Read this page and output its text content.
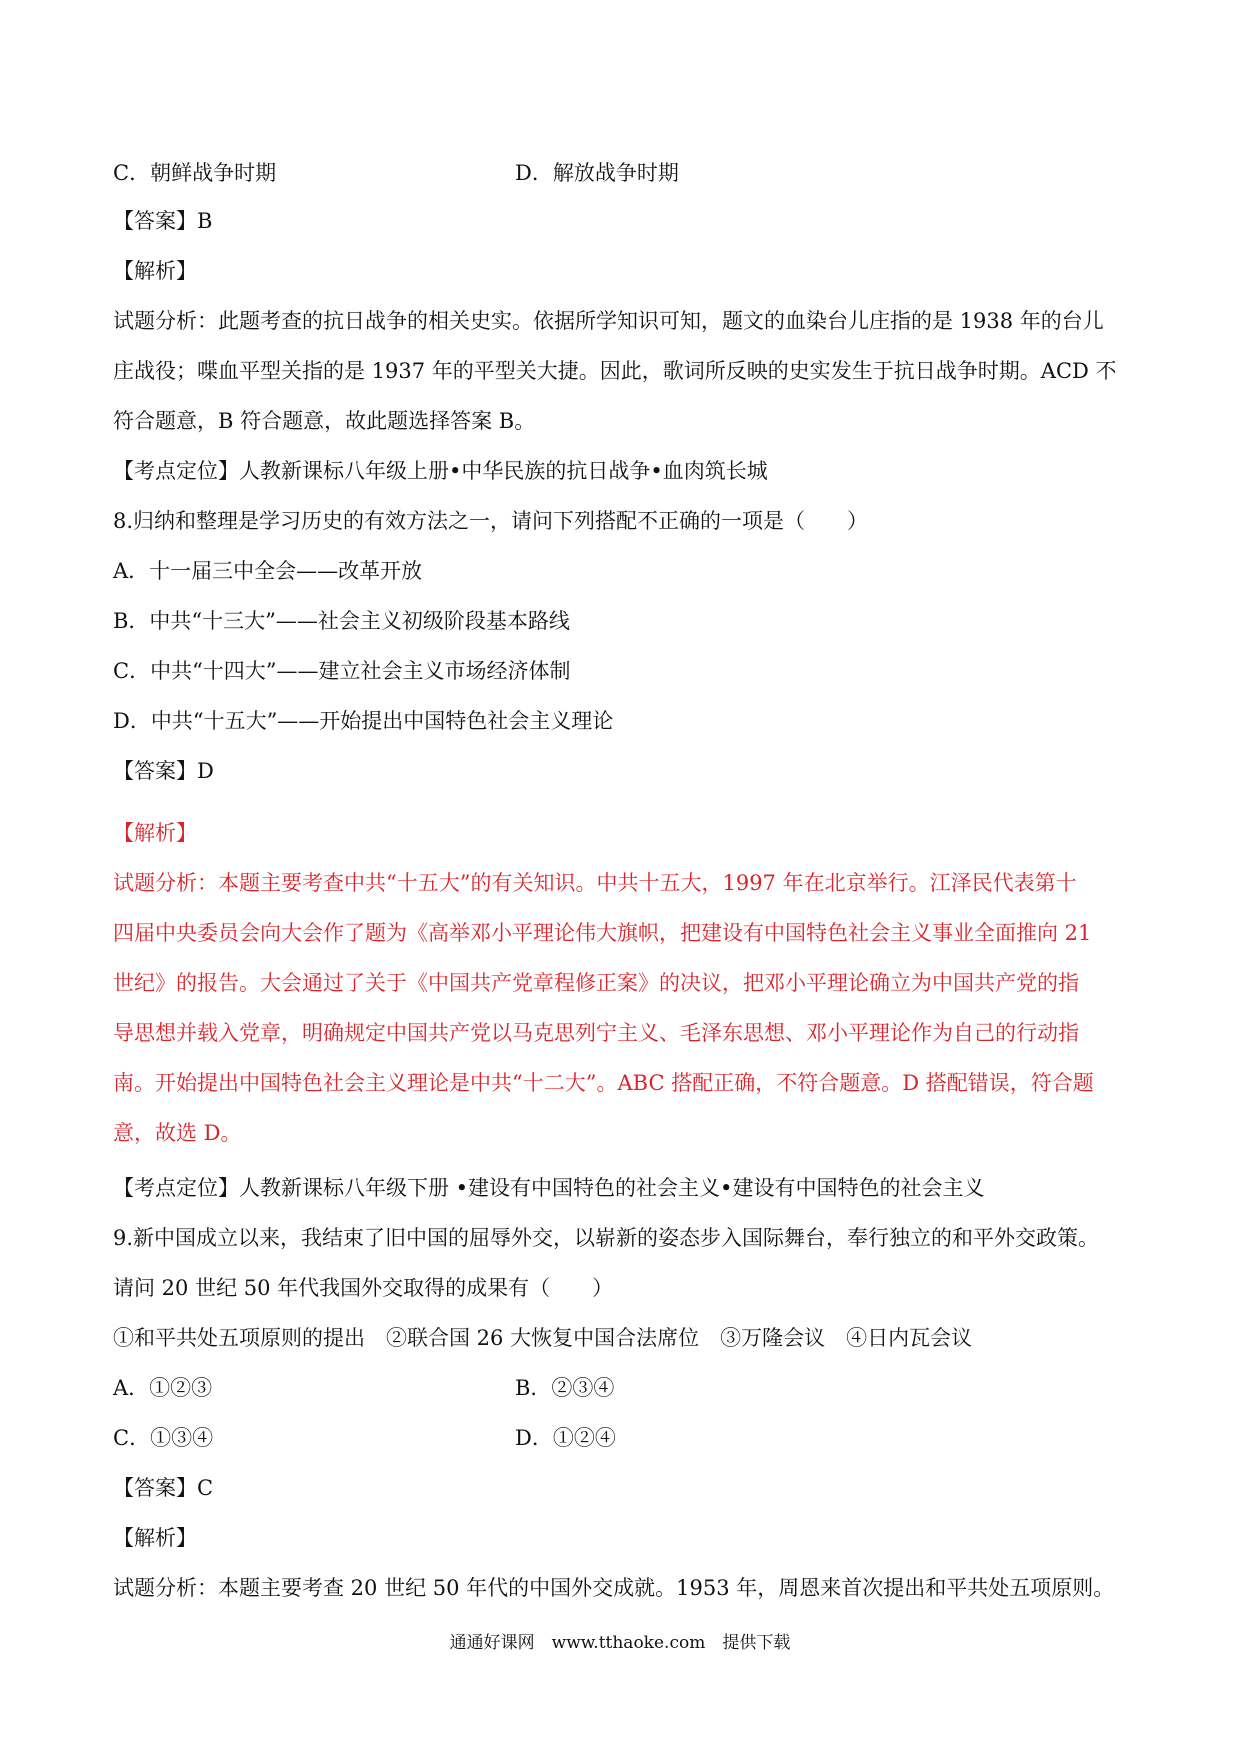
C．朝鲜战争时期	D．解放战争时期
【答案】B
【解析】
试题分析：此题考查的抗日战争的相关史实。依据所学知识可知，题文的血染台儿庄指的是 1938 年的台儿
庄战役；喋血平型关指的是 1937 年的平型关大捷。因此，歌词所反映的史实发生于抗日战争时期。ACD 不
符合题意，B 符合题意，故此题选择答案 B。
【考点定位】人教新课标八年级上册•中华民族的抗日战争•血肉筑长城
8.归纳和整理是学习历史的有效方法之一，请问下列搭配不正确的一项是（　　）
A．十一届三中全会——改革开放
B．中共“十三大”——社会主义初级阶段基本路线
C．中共“十四大”——建立社会主义市场经济体制
D．中共“十五大”——开始提出中国特色社会主义理论
【答案】D
【解析】
试题分析：本题主要考查中共“十五大”的有关知识。中共十五大，1997 年在北京举行。江泽民代表第十
四届中央委员会向大会作了题为《高举邓小平理论伟大旗帜，把建设有中国特色社会主义事业全面推向 21
世纪》的报告。大会通过了关于《中国共产党章程修正案》的决议，把邓小平理论确立为中国共产党的指
导思想并载入党章，明确规定中国共产党以马克思列宁主义、毛泽东思想、邓小平理论作为自己的行动指
南。开始提出中国特色社会主义理论是中共“十二大”。ABC 搭配正确，不符合题意。D 搭配错误，符合题
意，故选 D。
【考点定位】人教新课标八年级下册 •建设有中国特色的社会主义•建设有中国特色的社会主义
9.新中国成立以来，我结束了旧中国的屈辱外交，以崭新的姿态步入国际舞台，奉行独立的和平外交政策。
请问 20 世纪 50 年代我国外交取得的成果有（　　）
①和平共处五项原则的提出　②联合国 26 大恢复中国合法席位　③万隆会议　④日内瓦会议
A．①②③	B．②③④
C．①③④	D．①②④
【答案】C
【解析】
试题分析：本题主要考查 20 世纪 50 年代的中国外交成就。1953 年，周恩来首次提出和平共处五项原则。
通通好课网　www.tthaoke.com　提供下载
